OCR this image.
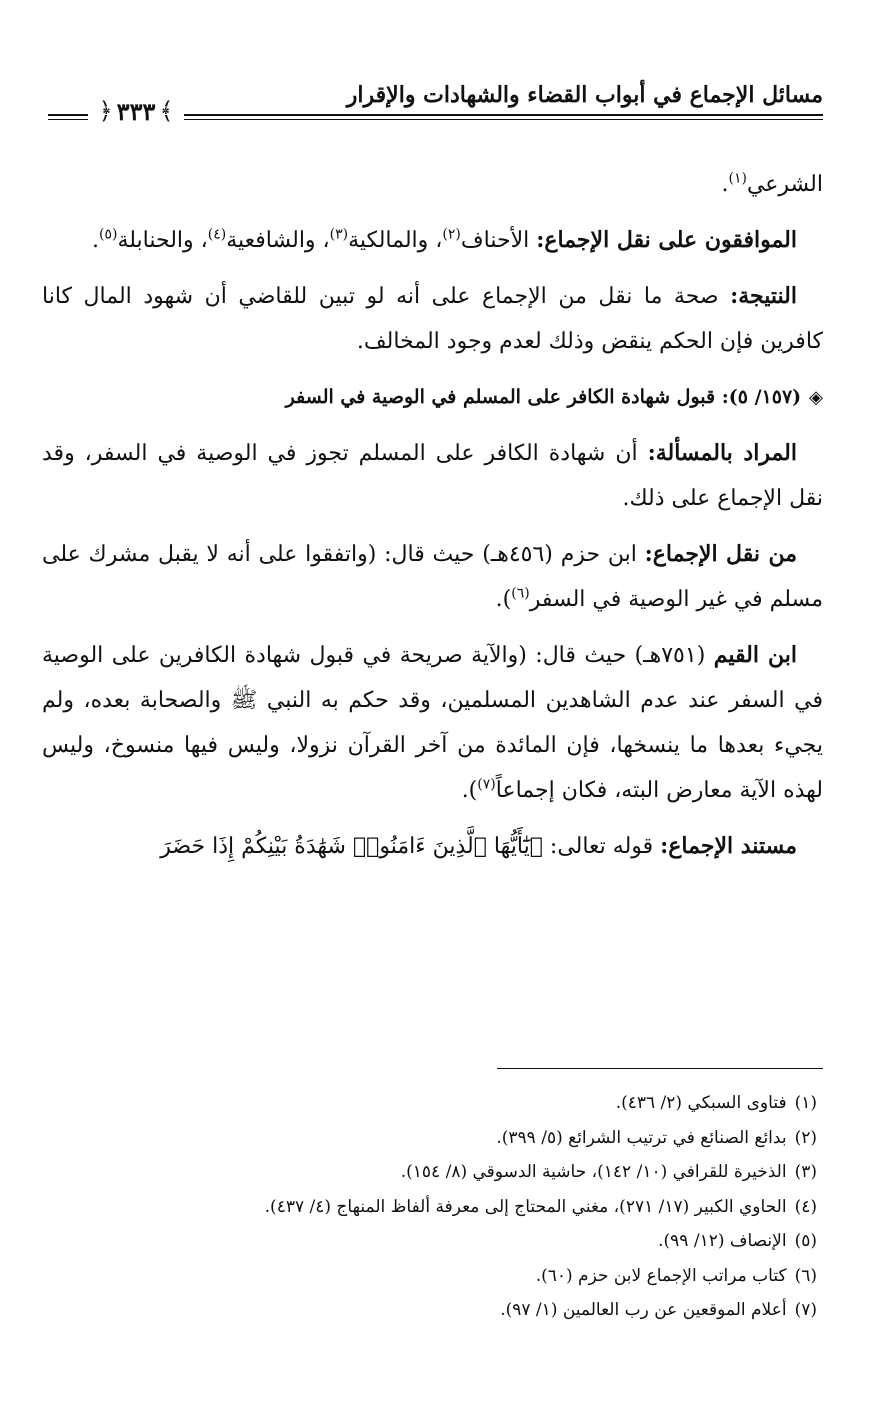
مسائل الإجماع في أبواب القضاء والشهادات والإقرار
﴾
٣٣٣
﴿

الشرعي$^{(١)}$.

الموافقون على نقل الإجماع: الأحناف$^{(٢)}$، والمالكية$^{(٣)}$، والشافعية$^{(٤)}$، والحنابلة$^{(٥)}$.

النتيجة: صحة ما نقل من الإجماع على أنه لو تبين للقاضي أن شهود المال كانا كافرين فإن الحكم ينقض وذلك لعدم وجود المخالف.

◈(١٥٧/ ٥): قبول شهادة الكافر على المسلم في الوصية في السفر

المراد بالمسألة: أن شهادة الكافر على المسلم تجوز في الوصية في السفر، وقد نقل الإجماع على ذلك.

من نقل الإجماع: ابن حزم (٤٥٦هـ) حيث قال: (واتفقوا على أنه لا يقبل مشرك على مسلم في غير الوصية في السفر$^{(٦)}$).

ابن القيم (٧٥١هـ) حيث قال: (والآية صريحة في قبول شهادة الكافرين على الوصية في السفر عند عدم الشاهدين المسلمين، وقد حكم به النبي ﷺ والصحابة بعده، ولم يجيء بعدها ما ينسخها، فإن المائدة من آخر القرآن نزولا، وليس فيها منسوخ، وليس لهذه الآية معارض البته، فكان إجماعاً$^{(٧)}$).

مستند الإجماع: قوله تعالى: ﴿يَٰٓأَيُّهَا ٱلَّذِينَ ءَامَنُوا۟ شَهَٰدَةُ بَيْنِكُمْ إِذَا حَضَرَ

(١)فتاوى السبكي (٢/ ٤٣٦).
(٢)بدائع الصنائع في ترتيب الشرائع (٥/ ٣٩٩).
(٣)الذخيرة للقرافي (١٠/ ١٤٢)، حاشية الدسوقي (٨/ ١٥٤).
(٤)الحاوي الكبير (١٧/ ٢٧١)، مغني المحتاج إلى معرفة ألفاظ المنهاج (٤/ ٤٣٧).
(٥)الإنصاف (١٢/ ٩٩).
(٦)كتاب مراتب الإجماع لابن حزم (٦٠).
(٧)أعلام الموقعين عن رب العالمين (١/ ٩٧).
